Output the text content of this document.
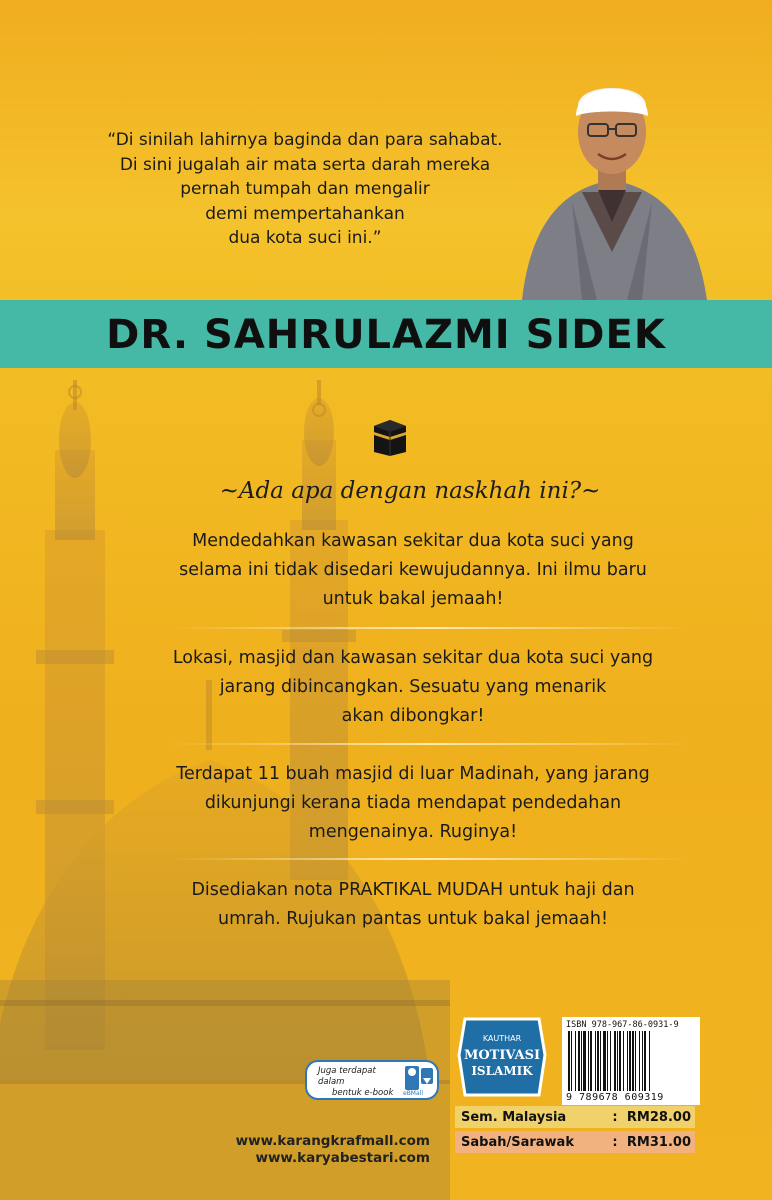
“Di sinilah lahirnya baginda dan para sahabat.
Di sini jugalah air mata serta darah mereka
pernah tumpah dan mengalir
demi mempertahankan
dua kota suci ini.”
DR. SAHRULAZMI SIDEK
~Ada apa dengan naskhah ini?~
Mendedahkan kawasan sekitar dua kota suci yang
selama ini tidak disedari kewujudannya. Ini ilmu baru
untuk bakal jemaah!
Lokasi, masjid dan kawasan sekitar dua kota suci yang
jarang dibincangkan. Sesuatu yang menarik
akan dibongkar!
Terdapat 11 buah masjid di luar Madinah, yang jarang
dikunjungi kerana tiada mendapat pendedahan
mengenainya. Ruginya!
Disediakan nota PRAKTIKAL MUDAH untuk haji dan
umrah. Rujukan pantas untuk bakal jemaah!
Juga terdapat dalam
bentuk e-book	eBMall
www.karangkrafmall.com
www.karyabestari.com
KAUTHAR
MOTIVASI
ISLAMIK
ISBN 978-967-86-0931-9
9 789678 609319
Sem. Malaysia	: RM28.00
Sabah/Sarawak	: RM31.00
